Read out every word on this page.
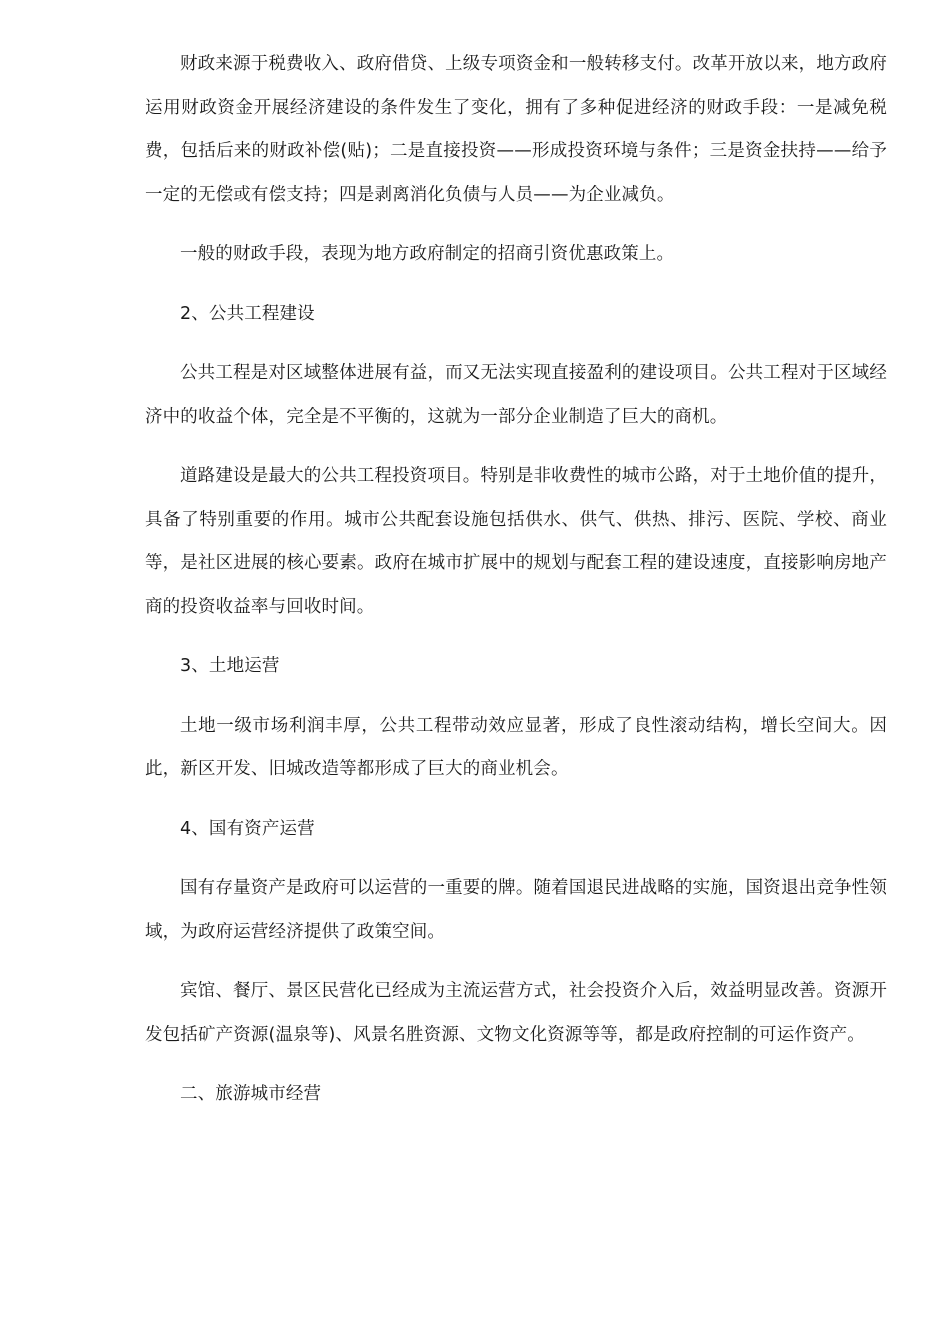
财政来源于税费收入、政府借贷、上级专项资金和一般转移支付。改革开放以来，地方政府运用财政资金开展经济建设的条件发生了变化，拥有了多种促进经济的财政手段：一是减免税费，包括后来的财政补偿(贴)；二是直接投资——形成投资环境与条件；三是资金扶持——给予一定的无偿或有偿支持；四是剥离消化负债与人员——为企业减负。

一般的财政手段，表现为地方政府制定的招商引资优惠政策上。

2、公共工程建设

公共工程是对区域整体进展有益，而又无法实现直接盈利的建设项目。公共工程对于区域经济中的收益个体，完全是不平衡的，这就为一部分企业制造了巨大的商机。

道路建设是最大的公共工程投资项目。特别是非收费性的城市公路，对于土地价值的提升，具备了特别重要的作用。城市公共配套设施包括供水、供气、供热、排污、医院、学校、商业等，是社区进展的核心要素。政府在城市扩展中的规划与配套工程的建设速度，直接影响房地产商的投资收益率与回收时间。

3、土地运营

土地一级市场利润丰厚，公共工程带动效应显著，形成了良性滚动结构，增长空间大。因此，新区开发、旧城改造等都形成了巨大的商业机会。

4、国有资产运营

国有存量资产是政府可以运营的一重要的牌。随着国退民进战略的实施，国资退出竞争性领域，为政府运营经济提供了政策空间。

宾馆、餐厅、景区民营化已经成为主流运营方式，社会投资介入后，效益明显改善。资源开发包括矿产资源(温泉等)、风景名胜资源、文物文化资源等等，都是政府控制的可运作资产。

二、旅游城市经营
